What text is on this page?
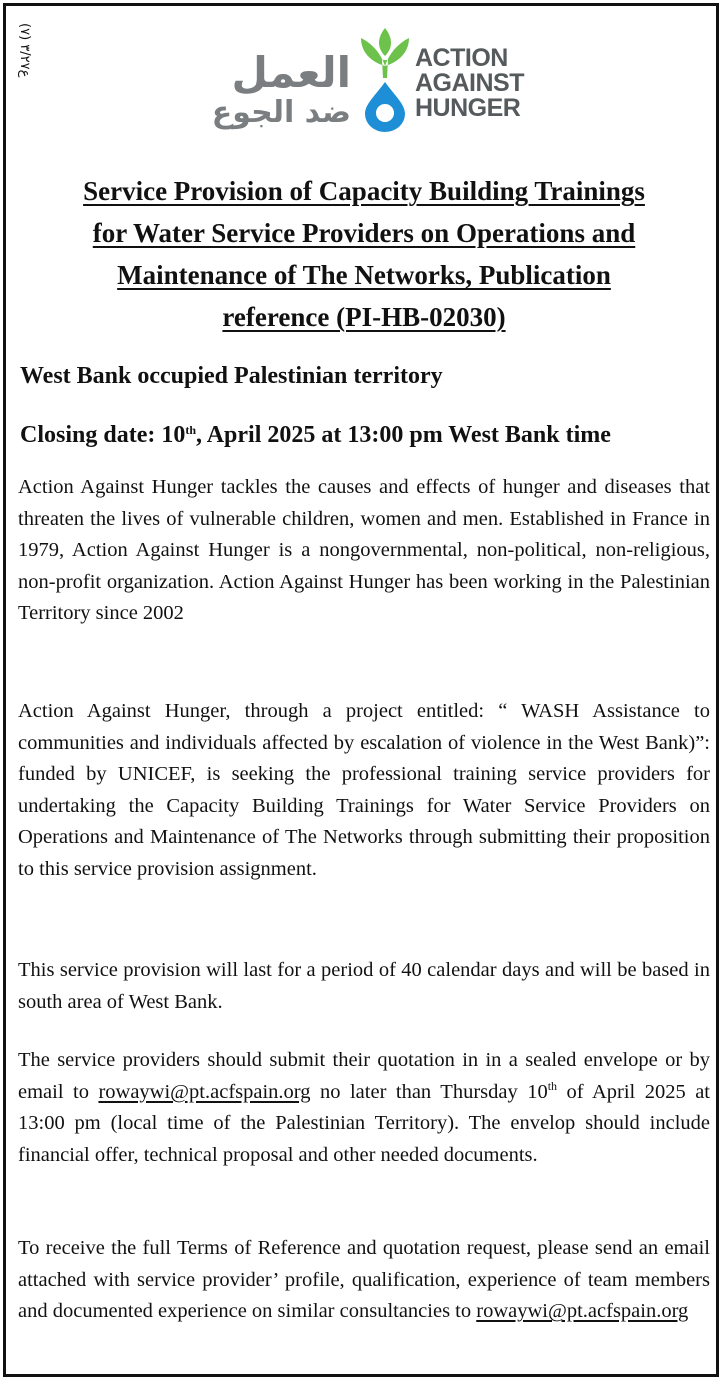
ع٣/٢٧ (٧)	العمل
ضد الجوع
ACTION
AGAINST
HUNGER
Service Provision of Capacity Building Trainings
for Water Service Providers on Operations and
Maintenance of The Networks, Publication
reference (PI-HB-02030)
West Bank occupied Palestinian territory
Closing date: 10th, April 2025 at 13:00 pm West Bank time
Action Against Hunger tackles the causes and effects of hunger and diseases that threaten the lives of vulnerable children, women and men. Established in France in 1979, Action Against Hunger is a nongovernmental, non-political, non-religious, non-profit organization. Action Against Hunger has been working in the Palestinian Territory since 2002
Action Against Hunger, through a project entitled: “ WASH Assistance to communities and individuals affected by escalation of violence in the West Bank)”: funded by UNICEF, is seeking the professional training service providers for undertaking the Capacity Building Trainings for Water Service Providers on Operations and Maintenance of The Networks through submitting their proposition to this service provision assignment.
This service provision will last for a period of 40 calendar days and will be based in south area of West Bank.
The service providers should submit their quotation in in a sealed envelope or by email to rowaywi@pt.acfspain.org no later than Thursday 10th of April 2025 at 13:00 pm (local time of the Palestinian Territory). The envelop should include financial offer, technical proposal and other needed documents.
To receive the full Terms of Reference and quotation request, please send an email attached with service provider’ profile, qualification, experience of team members and documented experience on similar consultancies to rowaywi@pt.acfspain.org
